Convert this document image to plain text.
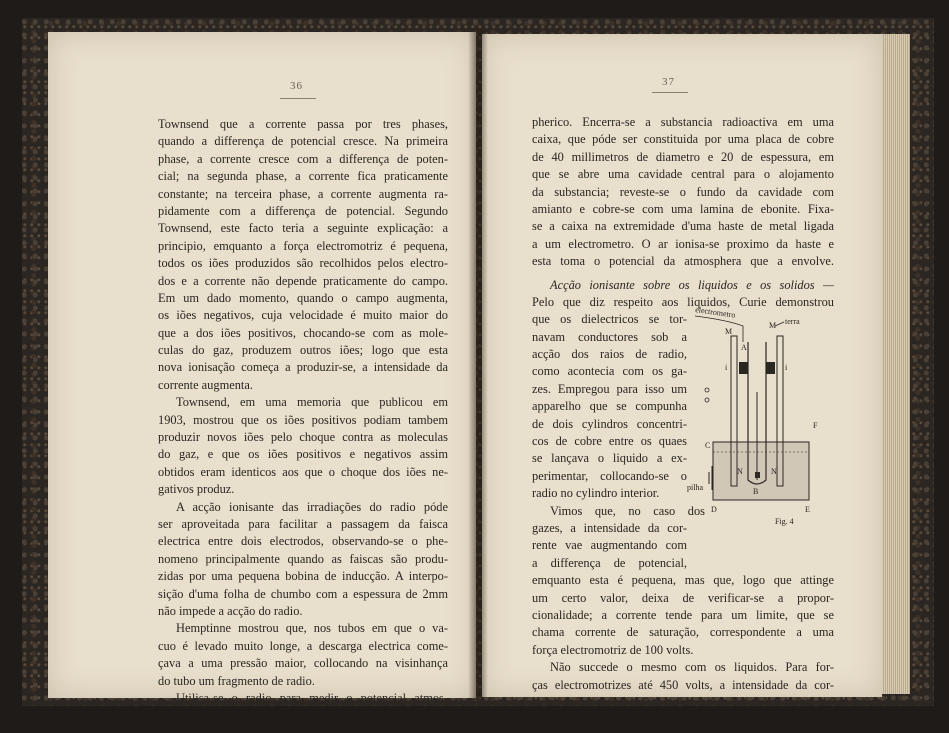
36
Townsend que a corrente passa por tres phases,
quando a differença de potencial cresce. Na primeira
phase, a corrente cresce com a differença de poten-
cial; na segunda phase, a corrente fica praticamente
constante; na terceira phase, a corrente augmenta ra-
pidamente com a differença de potencial. Segundo
Townsend, este facto teria a seguinte explicação: a
principio, emquanto a força electromotriz é pequena,
todos os iões produzidos são recolhidos pelos electro-
dos e a corrente não depende praticamente do campo.
Em um dado momento, quando o campo augmenta,
os iões negativos, cuja velocidade é muito maior do
que a dos iões positivos, chocando-se com as mole-
culas do gaz, produzem outros iões; logo que esta
nova ionisação começa a produzir-se, a intensidade da
corrente augmenta.
Townsend, em uma memoria que publicou em
1903, mostrou que os iões positivos podiam tambem
produzir novos iões pelo choque contra as moleculas
do gaz, e que os iões positivos e negativos assim
obtidos eram identicos aos que o choque dos iões ne-
gativos produz.
A acção ionisante das irradiações do radio póde
ser aproveitada para facilitar a passagem da faisca
electrica entre dois electrodos, observando-se o phe-
nomeno principalmente quando as faiscas são produ-
zidas por uma pequena bobina de inducção. A interpo-
sição d'uma folha de chumbo com a espessura de 2mm
não impede a acção do radio.
Hemptinne mostrou que, nos tubos em que o va-
cuo é levado muito longe, a descarga electrica come-
çava a uma pressão maior, collocando na visinhança
do tubo um fragmento de radio.
Utilisa-se o radio para medir o potencial atmos-
37
pherico. Encerra-se a substancia radioactiva em uma
caixa, que póde ser constituida por uma placa de cobre
de 40 millimetros de diametro e 20 de espessura, em
que se abre uma cavidade central para o alojamento
da substancia; reveste-se o fundo da cavidade com
amianto e cobre-se com uma lamina de ebonite. Fixa-
se a caixa na extremidade d'uma haste de metal ligada
a um electrometro. O ar ionisa-se proximo da haste e
esta toma o potencial da atmosphera que a envolve.
Acção ionisante sobre os liquidos e os solidos —
Pelo que diz respeito aos liquidos, Curie demonstrou
que os dielectricos se tor-
navam conductores sob a
acção dos raios de radio,
como acontecia com os ga-
zes. Empregou para isso um
apparelho que se compunha
de dois cylindros concentri-
cos de cobre entre os quaes
se lançava o liquido a ex-
perimentar, collocando-se o
radio no cylindro interior.
Vimos que, no caso dos
gazes, a intensidade da cor-
rente vae augmentando com
a differença de potencial,
emquanto esta é pequena, mas que, logo que attinge
um certo valor, deixa de verificar-se a propor-
cionalidade; a corrente tende para um limite, que se
chama corrente de saturação, correspondente a uma
força electromotriz de 100 volts.
Não succede o mesmo com os liquidos. Para for-
ças electromotrizes até 450 volts, a intensidade da cor-
electrometro
M terra
M
A
i	i
C
F
N	N
B
D	E
pilha
Fig. 4
